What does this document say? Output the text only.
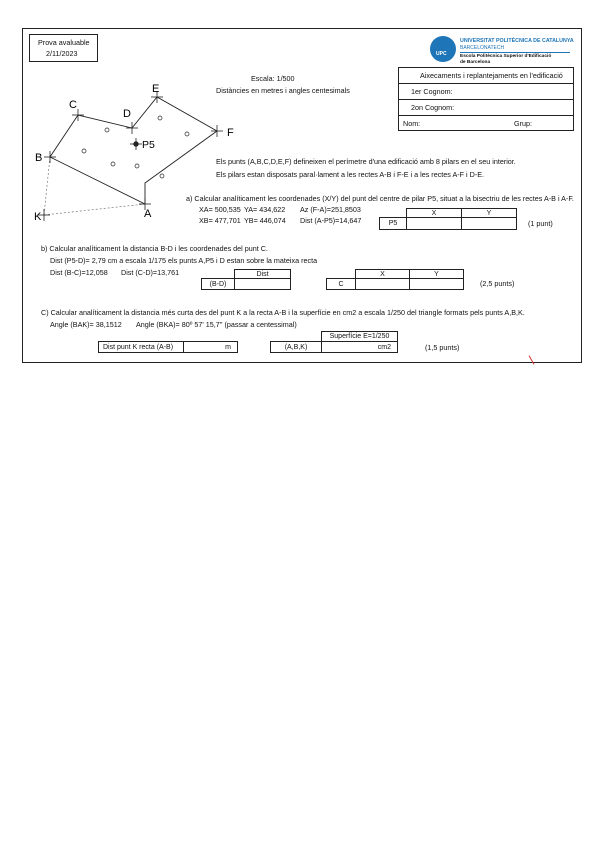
Prova avaluable
2/11/2023	UPC
UNIVERSITAT POLITÈCNICA DE CATALUNYA
BARCELONATECH
Escola Politècnica Superior d'Edificació
de Barcelona
Escala: 1/500
Distàncies en metres i angles centesimals
Aixecaments i replantejaments en l'edificació
1er Cognom:
2on Cognom:
Nom:	Grup:
C
D
E
F
B
A
K
P5
Els punts (A,B,C,D,E,F) defineixen el perímetre d'una edificació amb 8 pilars en el seu interior.
Els pilars estan disposats paral·lament a les rectes A-B i F-E i a les rectes A-F i D-E.
a) Calcular analíticament les coordenades (X/Y) del punt del centre de pilar P5, situat a la bisectriu de les rectes A-B i A-F.
XA= 500,535 YA= 434,622 Az (F-A)=251,8503
XB= 477,701 YB= 446,074 Dist (A-P5)=14,647
X	Y
P5	(1 punt)
b) Calcular analíticament la distancia B-D i les coordenades del punt C.
Dist (P5-D)= 2,79 cm a escala 1/175 els punts A,P5 i D estan sobre la mateixa recta
Dist (B-C)=12,058 Dist (C-D)=13,761	Dist
(B-D)
X	Y
C	(2,5 punts)
C) Calcular analíticament la distancia més curta des del punt K a la recta A-B i la superfície en cm2 a escala 1/250 del triangle formats pels punts A,B,K.
Angle (BAK)= 38,1512 Angle (BKA)= 80º 57' 15,7'' (passar a centessimal)
Dist punt K recta (A-B)	m
Superfície E=1/250
(A,B,K)	cm2	(1,5 punts)
